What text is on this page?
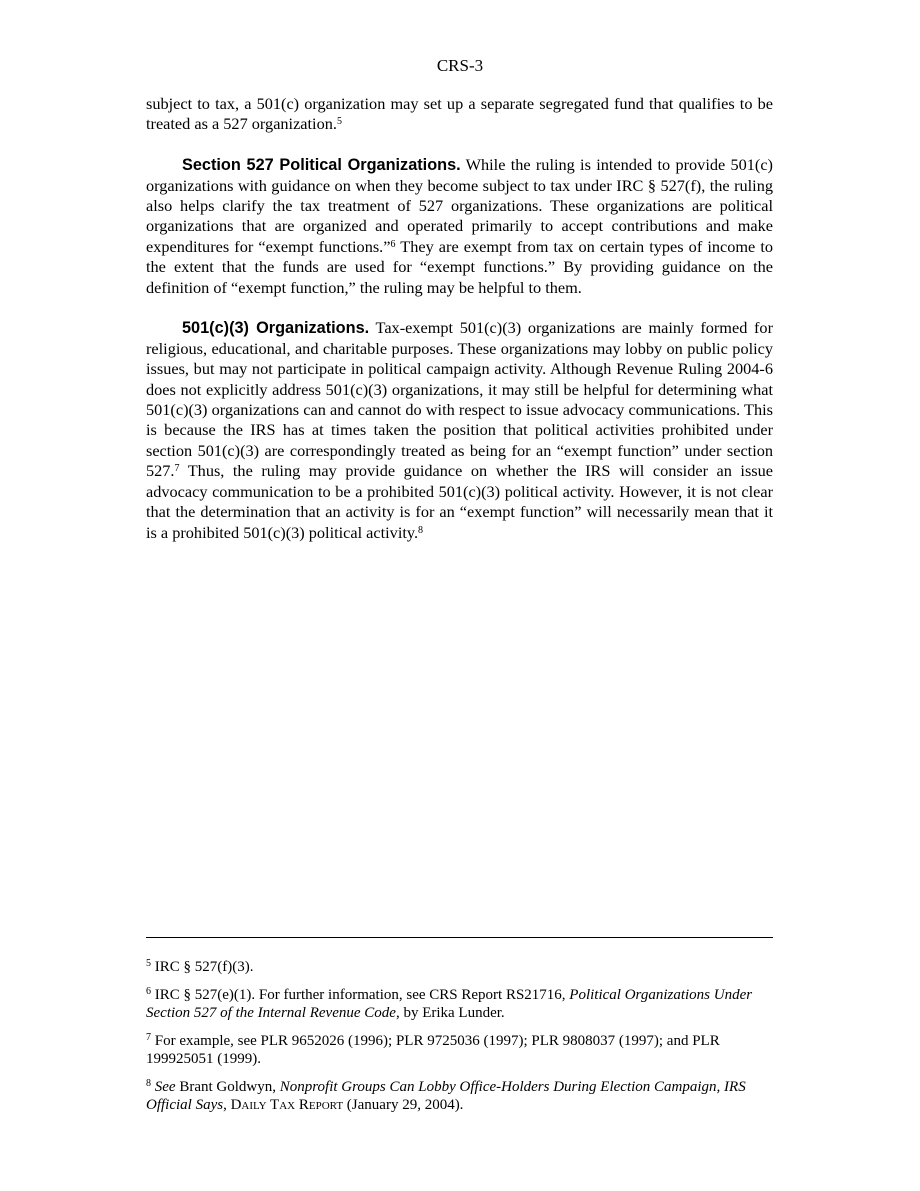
CRS-3

subject to tax, a 501(c) organization may set up a separate segregated fund that qualifies to be treated as a 527 organization.$^5$

Section 527 Political Organizations. While the ruling is intended to provide 501(c) organizations with guidance on when they become subject to tax under IRC § 527(f), the ruling also helps clarify the tax treatment of 527 organizations. These organizations are political organizations that are organized and operated primarily to accept contributions and make expenditures for “exempt functions.”$^6$ They are exempt from tax on certain types of income to the extent that the funds are used for “exempt functions.” By providing guidance on the definition of “exempt function,” the ruling may be helpful to them.

501(c)(3) Organizations. Tax-exempt 501(c)(3) organizations are mainly formed for religious, educational, and charitable purposes. These organizations may lobby on public policy issues, but may not participate in political campaign activity. Although Revenue Ruling 2004-6 does not explicitly address 501(c)(3) organizations, it may still be helpful for determining what 501(c)(3) organizations can and cannot do with respect to issue advocacy communications. This is because the IRS has at times taken the position that political activities prohibited under section 501(c)(3) are correspondingly treated as being for an “exempt function” under section 527.$^7$ Thus, the ruling may provide guidance on whether the IRS will consider an issue advocacy communication to be a prohibited 501(c)(3) political activity. However, it is not clear that the determination that an activity is for an “exempt function” will necessarily mean that it is a prohibited 501(c)(3) political activity.$^8$

$^5$ IRC § 527(f)(3).

$^6$ IRC § 527(e)(1). For further information, see CRS Report RS21716, Political Organizations Under Section 527 of the Internal Revenue Code, by Erika Lunder.

$^7$ For example, see PLR 9652026 (1996); PLR 9725036 (1997); PLR 9808037 (1997); and PLR 199925051 (1999).

$^8$ See Brant Goldwyn, Nonprofit Groups Can Lobby Office-Holders During Election Campaign, IRS Official Says, Daily Tax Report (January 29, 2004).
